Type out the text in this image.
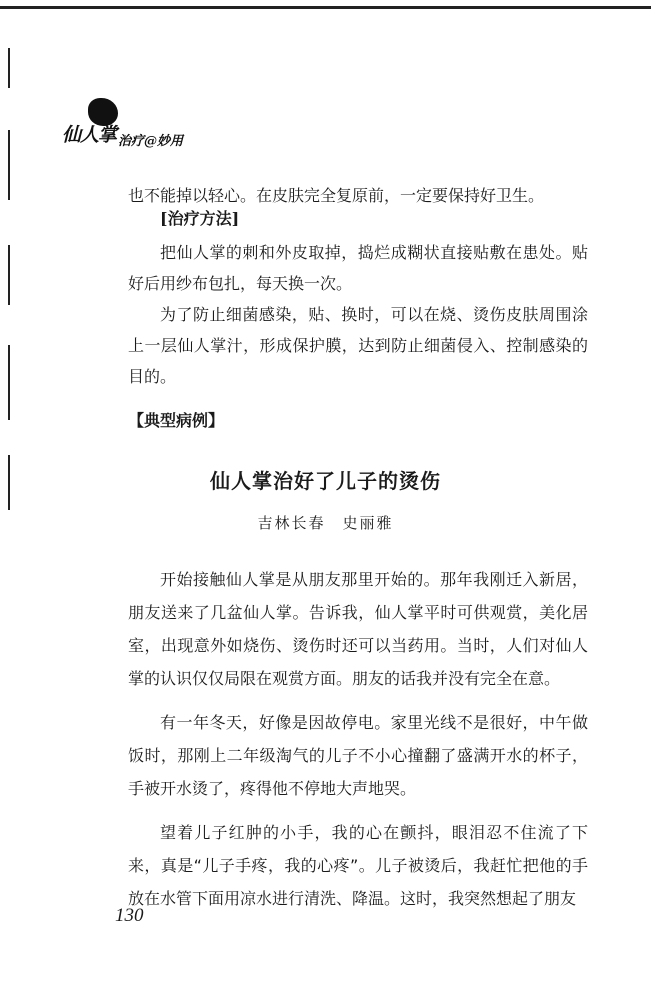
仙人掌 治疗@妙用

也不能掉以轻心。在皮肤完全复原前，一定要保持好卫生。

[治疗方法]

把仙人掌的刺和外皮取掉，捣烂成糊状直接贴敷在患处。贴好后用纱布包扎，每天换一次。

为了防止细菌感染，贴、换时，可以在烧、烫伤皮肤周围涂上一层仙人掌汁，形成保护膜，达到防止细菌侵入、控制感染的目的。

【典型病例】
仙人掌治好了儿子的烫伤
吉林长春　史丽雅

开始接触仙人掌是从朋友那里开始的。那年我刚迁入新居，朋友送来了几盆仙人掌。告诉我，仙人掌平时可供观赏，美化居室，出现意外如烧伤、烫伤时还可以当药用。当时，人们对仙人掌的认识仅仅局限在观赏方面。朋友的话我并没有完全在意。

有一年冬天，好像是因故停电。家里光线不是很好，中午做饭时，那刚上二年级淘气的儿子不小心撞翻了盛满开水的杯子，手被开水烫了，疼得他不停地大声地哭。

望着儿子红肿的小手，我的心在颤抖，眼泪忍不住流了下来，真是“儿子手疼，我的心疼”。儿子被烫后，我赶忙把他的手放在水管下面用凉水进行清洗、降温。这时，我突然想起了朋友

130
